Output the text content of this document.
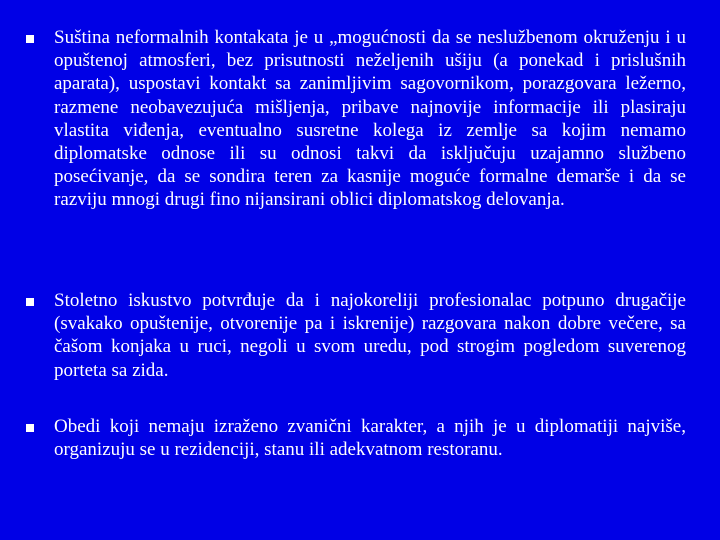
Suština neformalnih kontakata je u „mogućnosti da se neslužbenom okruženju i u opuštenoj atmosferi, bez prisutnosti neželjenih ušiju (a ponekad i prislušnih aparata), uspostavi kontakt sa zanimljivim sagovornikom, porazgovara ležerno, razmene neobavezujuća mišljenja, pribave najnovije informacije ili plasiraju vlastita viđenja, eventualno susretne kolega iz zemlje sa kojim nemamo diplomatske odnose ili su odnosi takvi da isključuju uzajamno službeno posećivanje, da se sondira teren za kasnije moguće formalne demarše i da se razviju mnogi drugi fino nijansirani oblici diplomatskog delovanja.

Stoletno iskustvo potvrđuje da i najokoreliji profesionalac potpuno drugačije (svakako opuštenije, otvorenije pa i iskrenije) razgovara nakon dobre večere, sa čašom konjaka u ruci, negoli u svom uredu, pod strogim pogledom suverenog porteta sa zida.

Obedi koji nemaju izraženo zvanični karakter, a njih je u diplomatiji najviše, organizuju se u rezidenciji, stanu ili adekvatnom restoranu.
